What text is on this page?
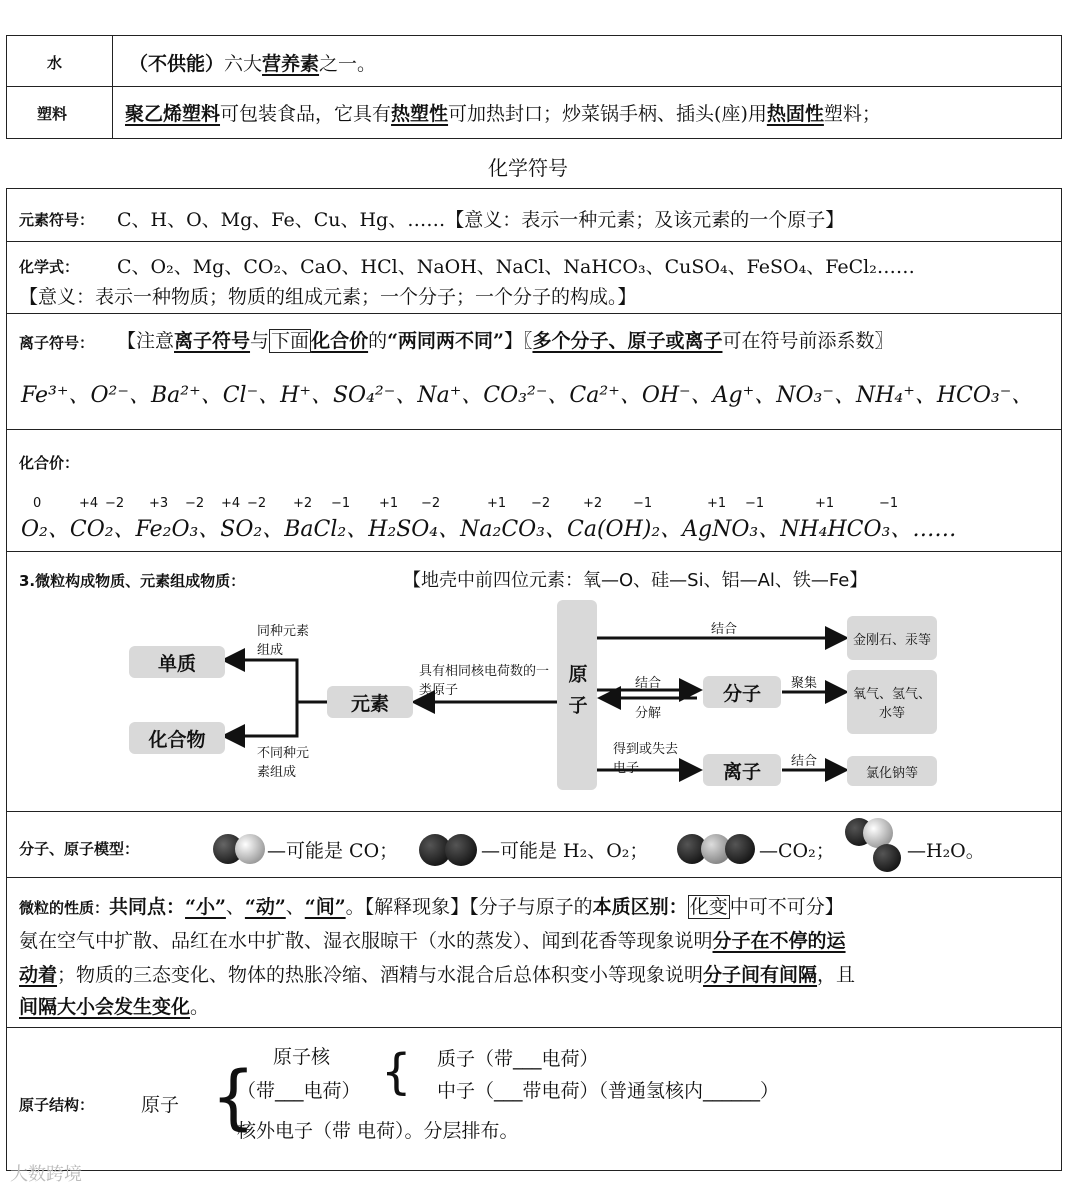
水	（不供能）六大营养素之一。
塑料	聚乙烯塑料可包装食品，它具有热塑性可加热封口；炒菜锅手柄、插头(座)用热固性塑料；
化学符号
元素符号： C、H、O、Mg、Fe、Cu、Hg、……【意义：表示一种元素；及该元素的一个原子】
化学式： C、O₂、Mg、CO₂、CaO、HCl、NaOH、NaCl、NaHCO₃、CuSO₄、FeSO₄、FeCl₂……
【意义：表示一种物质；物质的组成元素；一个分子；一个分子的构成。】
离子符号： 【注意离子符号与 下面 化合价的“两同两不同”】〖多个分子、原子或离子可在符号前添系数〗
Fe³⁺、O²⁻、Ba²⁺、Cl⁻、H⁺、SO₄²⁻、Na⁺、CO₃²⁻、Ca²⁺、OH⁻、Ag⁺、NO₃⁻、NH₄⁺、HCO₃⁻、
化合价：
0	+4 −2 +3 −2 +4 −2 +2 −1 +1 −2	+1 −2	+2 −1	+1 −1	+1	−1
O₂、CO₂、Fe₂O₃、SO₂、BaCl₂、H₂SO₄、Na₂CO₃、Ca(OH)₂、AgNO₃、NH₄HCO₃、……
3.微粒构成物质、元素组成物质：	【地壳中前四位元素：氧—O、硅—Si、铝—Al、铁—Fe】
单质
化合物
元素	原子	分子
离子
金刚石、汞等
氧气、氢气、水等
氯化钠等
同种元素组成
不同种元素组成
具有相同核电荷数的一类原子
结合
结合
分解
聚集
得到或失去电子	结合
分子、原子模型：	—可能是 CO；	—可能是 H₂、O₂；	—CO₂；	—H₂O。
微粒的性质：共同点：“小”、“动”、“间”。【解释现象】【分子与原子的本质区别： 化变 中可不可分】
氨在空气中扩散、品红在水中扩散、湿衣服晾干（水的蒸发）、闻到花香等现象说明分子在不停的运
动着；物质的三态变化、物体的热胀冷缩、酒精与水混合后总体积变小等现象说明分子间有间隔，且
间隔大小会发生变化。
原子结构： 原子 { 原子核
（带___电荷） { 质子（带___电荷）
中子（___带电荷）（普通氢核内______）
核外电子（带 电荷）。分层排布。
大数跨境
